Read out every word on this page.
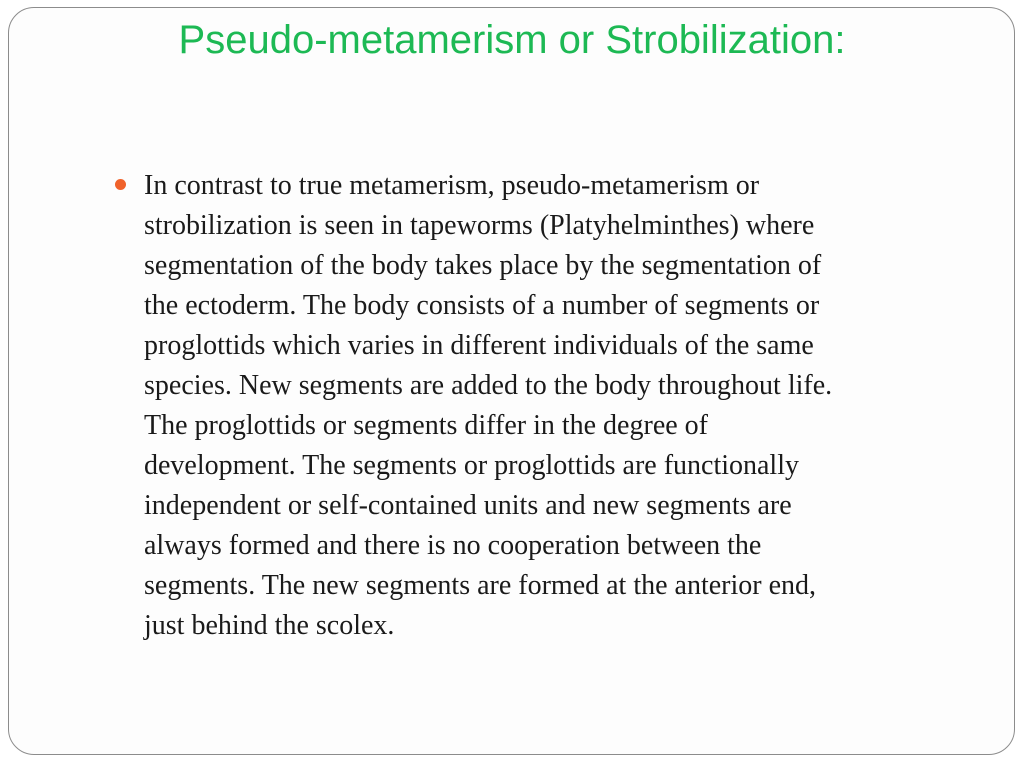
Pseudo-metamerism or Strobilization:
In contrast to true metamerism, pseudo-metamerism or
strobilization is seen in tapeworms (Platyhelminthes) where
segmentation of the body takes place by the segmentation of
the ectoderm. The body consists of a number of segments or
proglottids which varies in different individuals of the same
species. New segments are added to the body throughout life.
The proglottids or segments differ in the degree of
development. The segments or proglottids are functionally
independent or self-contained units and new segments are
always formed and there is no cooperation between the
segments. The new segments are formed at the anterior end,
just behind the scolex.
